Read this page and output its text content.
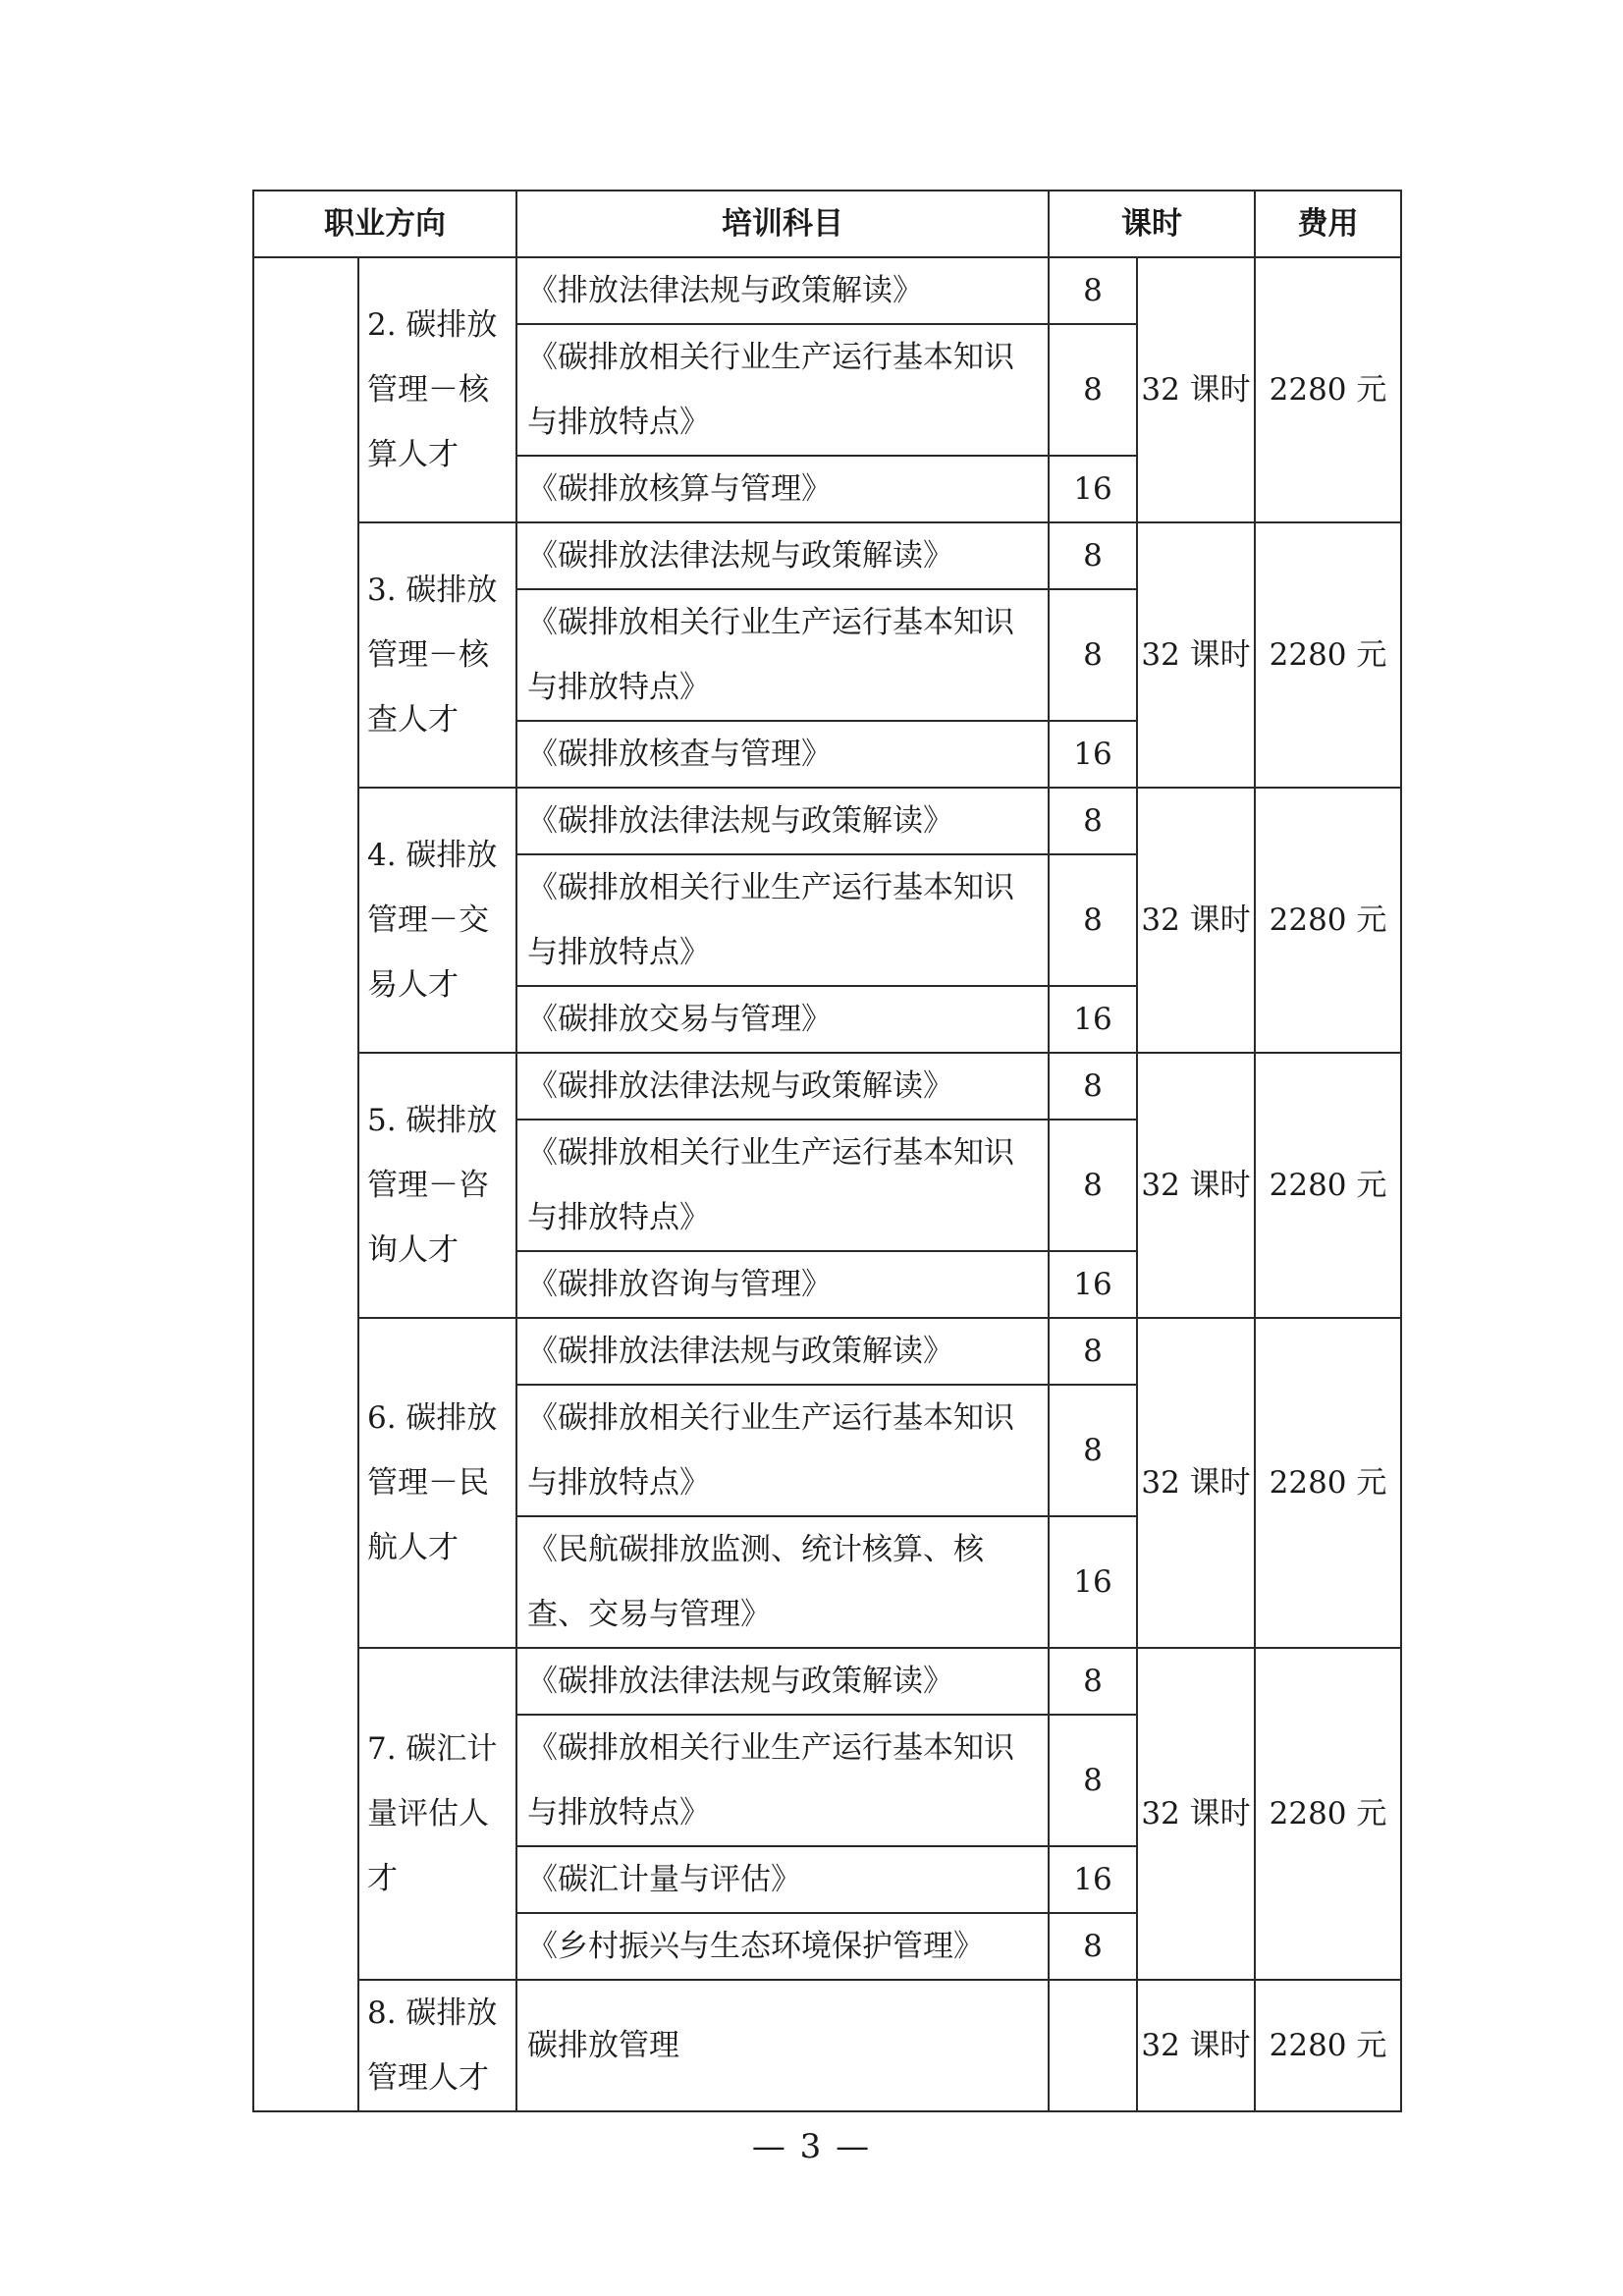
职业方向		培训科目	课时		费用
	2. 碳排放管理－核算人才	《排放法律法规与政策解读》	8	32 课时	2280 元
		《碳排放相关行业生产运行基本知识与排放特点》	8		
		《碳排放核算与管理》	16		
	3. 碳排放管理－核查人才	《碳排放法律法规与政策解读》	8	32 课时	2280 元
		《碳排放相关行业生产运行基本知识与排放特点》	8		
		《碳排放核查与管理》	16		
	4. 碳排放管理－交易人才	《碳排放法律法规与政策解读》	8	32 课时	2280 元
		《碳排放相关行业生产运行基本知识与排放特点》	8		
		《碳排放交易与管理》	16		
	5. 碳排放管理－咨询人才	《碳排放法律法规与政策解读》	8	32 课时	2280 元
		《碳排放相关行业生产运行基本知识与排放特点》	8		
		《碳排放咨询与管理》	16		
	6. 碳排放管理－民航人才	《碳排放法律法规与政策解读》	8	32 课时	2280 元
		《碳排放相关行业生产运行基本知识与排放特点》	8		
		《民航碳排放监测、统计核算、核查、交易与管理》	16		
	7. 碳汇计量评估人才	《碳排放法律法规与政策解读》	8	32 课时	2280 元
		《碳排放相关行业生产运行基本知识与排放特点》	8		
		《碳汇计量与评估》	16		
		《乡村振兴与生态环境保护管理》	8		
	8. 碳排放管理人才	碳排放管理		32 课时	2280 元
— 3 —
